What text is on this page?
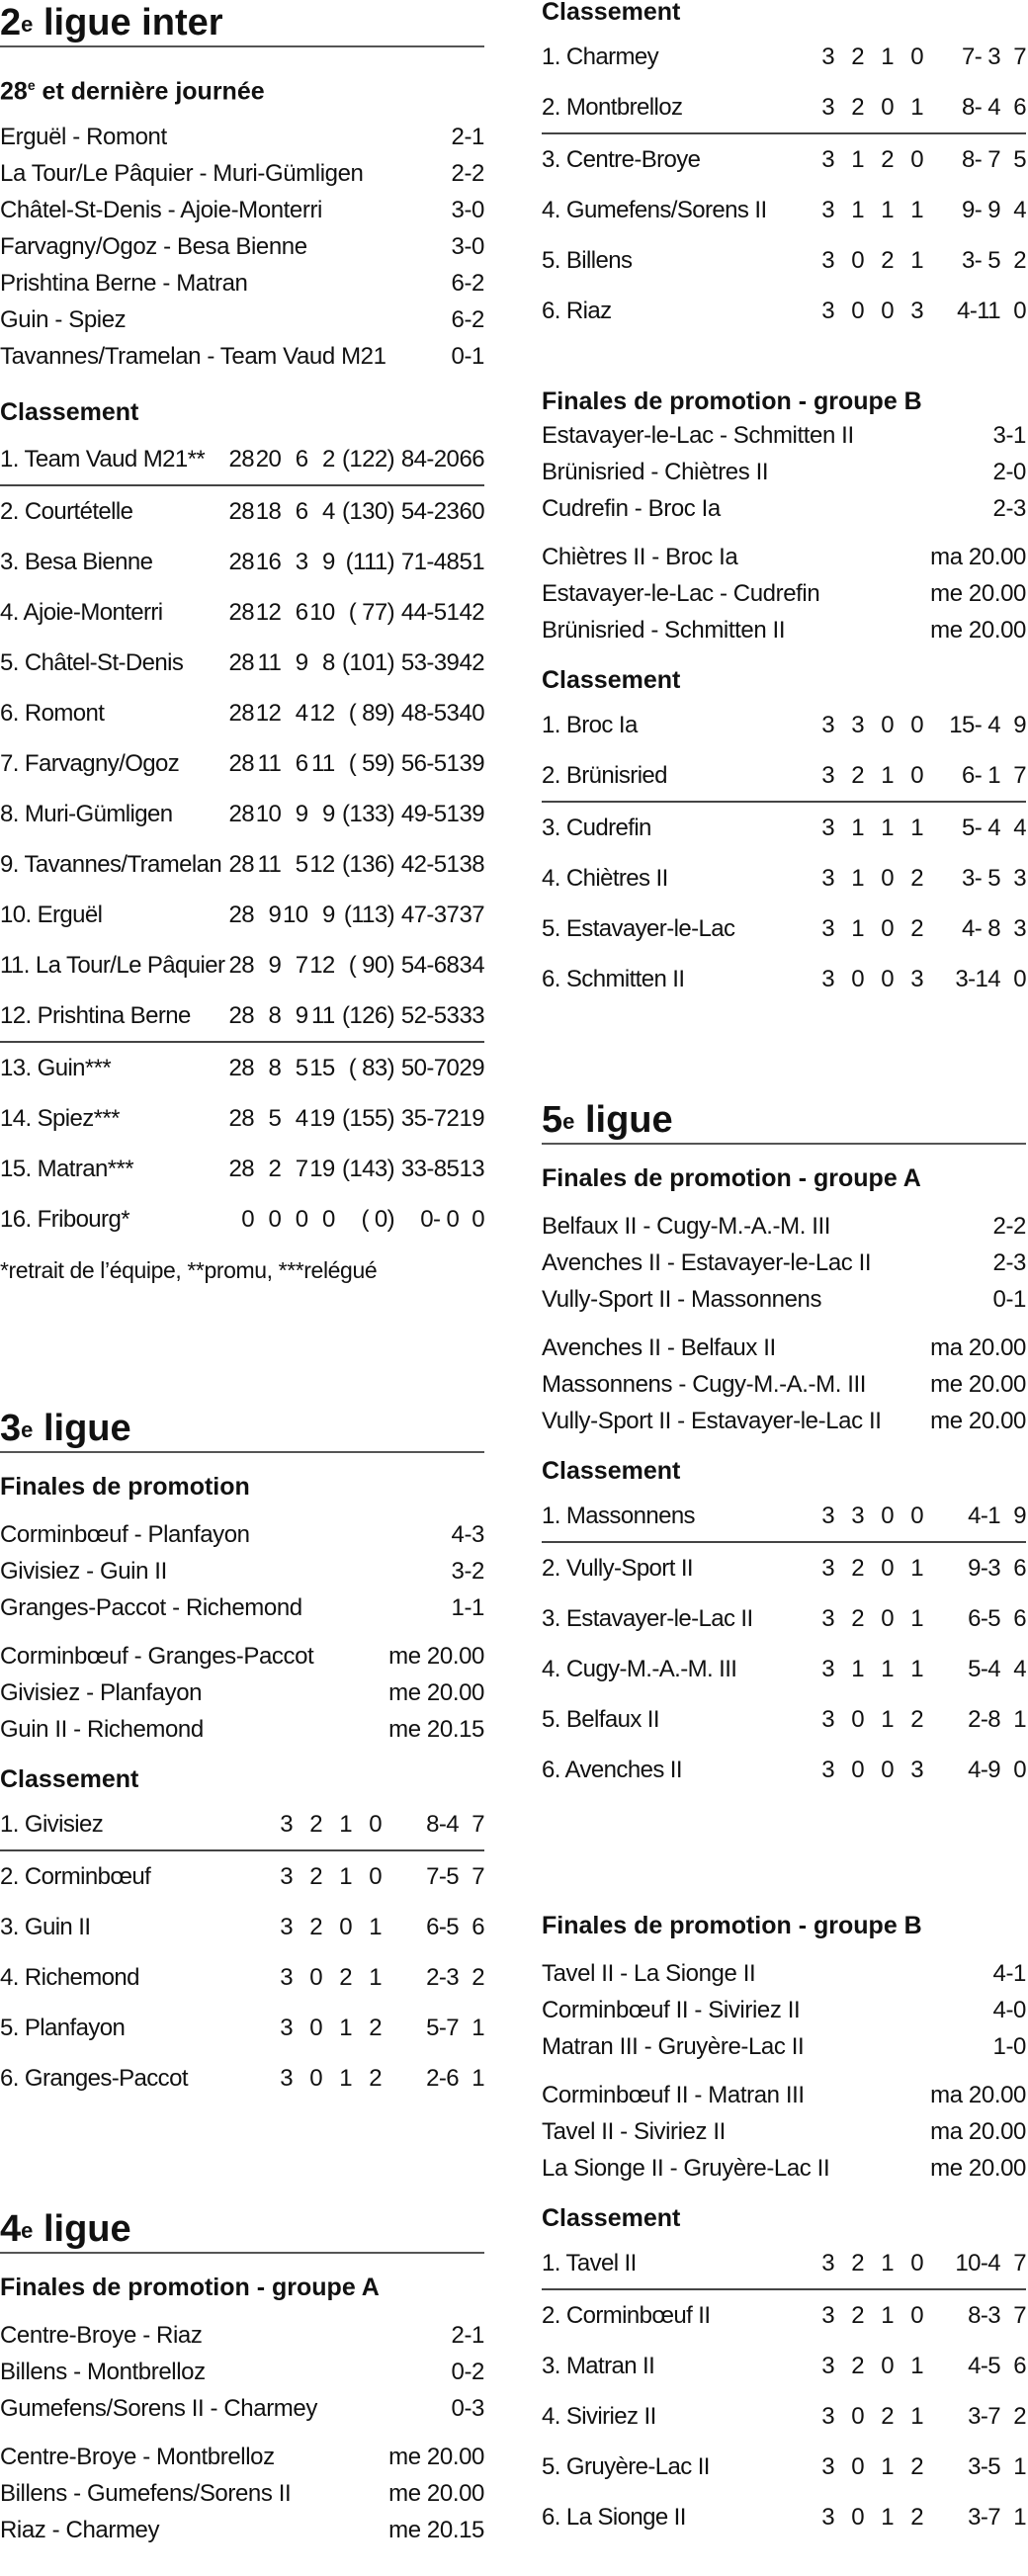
2e ligue inter
28e et dernière journée
Erguël - Romont	2-1
La Tour/Le Pâquier - Muri-Gümligen	2-2
Châtel-St-Denis - Ajoie-Monterri	3-0
Farvagny/Ogoz - Besa Bienne	3-0
Prishtina Berne - Matran	6-2
Guin - Spiez	6-2
Tavannes/Tramelan - Team Vaud M21	0-1
Classement
1. Team Vaud M21**	28	20	6	2	(122)	84-20	66
2. Courtételle	28	18	6	4	(130)	54-23	60
3. Besa Bienne	28	16	3	9	(111)	71-48	51
4. Ajoie-Monterri	28	12	6	10	( 77)	44-51	42
5. Châtel-St-Denis	28	11	9	8	(101)	53-39	42
6. Romont	28	12	4	12	( 89)	48-53	40
7. Farvagny/Ogoz	28	11	6	11	( 59)	56-51	39
8. Muri-Gümligen	28	10	9	9	(133)	49-51	39
9. Tavannes/Tramelan	28	11	5	12	(136)	42-51	38
10. Erguël	28	9	10	9	(113)	47-37	37
11. La Tour/Le Pâquier	28	9	7	12	( 90)	54-68	34
12. Prishtina Berne	28	8	9	11	(126)	52-53	33
13. Guin***	28	8	5	15	( 83)	50-70	29
14. Spiez***	28	5	4	19	(155)	35-72	19
15. Matran***	28	2	7	19	(143)	33-85	13
16. Fribourg*	0	0	0	0	( 0)	0- 0	0
*retrait de l’équipe, **promu, ***relégué
3e ligue
Finales de promotion
Corminbœuf - Planfayon	4-3
Givisiez - Guin II	3-2
Granges-Paccot - Richemond	1-1
Corminbœuf - Granges-Paccot	me 20.00
Givisiez - Planfayon	me 20.00
Guin II - Richemond	me 20.15
Classement
1. Givisiez	3	2	1	0	8-4	7
2. Corminbœuf	3	2	1	0	7-5	7
3. Guin II	3	2	0	1	6-5	6
4. Richemond	3	0	2	1	2-3	2
5. Planfayon	3	0	1	2	5-7	1
6. Granges-Paccot	3	0	1	2	2-6	1
4e ligue
Finales de promotion - groupe A
Centre-Broye - Riaz	2-1
Billens - Montbrelloz	0-2
Gumefens/Sorens II - Charmey	0-3
Centre-Broye - Montbrelloz	me 20.00
Billens - Gumefens/Sorens II	me 20.00
Riaz - Charmey	me 20.15
Classement
1. Charmey	3	2	1	0	7- 3	7
2. Montbrelloz	3	2	0	1	8- 4	6
3. Centre-Broye	3	1	2	0	8- 7	5
4. Gumefens/Sorens II	3	1	1	1	9- 9	4
5. Billens	3	0	2	1	3- 5	2
6. Riaz	3	0	0	3	4-11	0
Finales de promotion - groupe B
Estavayer-le-Lac - Schmitten II	3-1
Brünisried - Chiètres II	2-0
Cudrefin - Broc Ia	2-3
Chiètres II - Broc Ia	ma 20.00
Estavayer-le-Lac - Cudrefin	me 20.00
Brünisried - Schmitten II	me 20.00
Classement
1. Broc Ia	3	3	0	0	15- 4	9
2. Brünisried	3	2	1	0	6- 1	7
3. Cudrefin	3	1	1	1	5- 4	4
4. Chiètres II	3	1	0	2	3- 5	3
5. Estavayer-le-Lac	3	1	0	2	4- 8	3
6. Schmitten II	3	0	0	3	3-14	0
5e ligue
Finales de promotion - groupe A
Belfaux II - Cugy-M.-A.-M. III	2-2
Avenches II - Estavayer-le-Lac II	2-3
Vully-Sport II - Massonnens	0-1
Avenches II - Belfaux II	ma 20.00
Massonnens - Cugy-M.-A.-M. III	me 20.00
Vully-Sport II - Estavayer-le-Lac II me 20.00
Classement
1. Massonnens	3	3	0	0	4-1	9
2. Vully-Sport II	3	2	0	1	9-3	6
3. Estavayer-le-Lac II	3	2	0	1	6-5	6
4. Cugy-M.-A.-M. III	3	1	1	1	5-4	4
5. Belfaux II	3	0	1	2	2-8	1
6. Avenches II	3	0	0	3	4-9	0
Finales de promotion - groupe B
Tavel II - La Sionge II	4-1
Corminbœuf II - Siviriez II	4-0
Matran III - Gruyère-Lac II	1-0
Corminbœuf II - Matran III	ma 20.00
Tavel II - Siviriez II	ma 20.00
La Sionge II - Gruyère-Lac II	me 20.00
Classement
1. Tavel II	3	2	1	0	10-4	7
2. Corminbœuf II	3	2	1	0	8-3	7
3. Matran II	3	2	0	1	4-5	6
4. Siviriez II	3	0	2	1	3-7	2
5. Gruyère-Lac II	3	0	1	2	3-5	1
6. La Sionge II	3	0	1	2	3-7	1
